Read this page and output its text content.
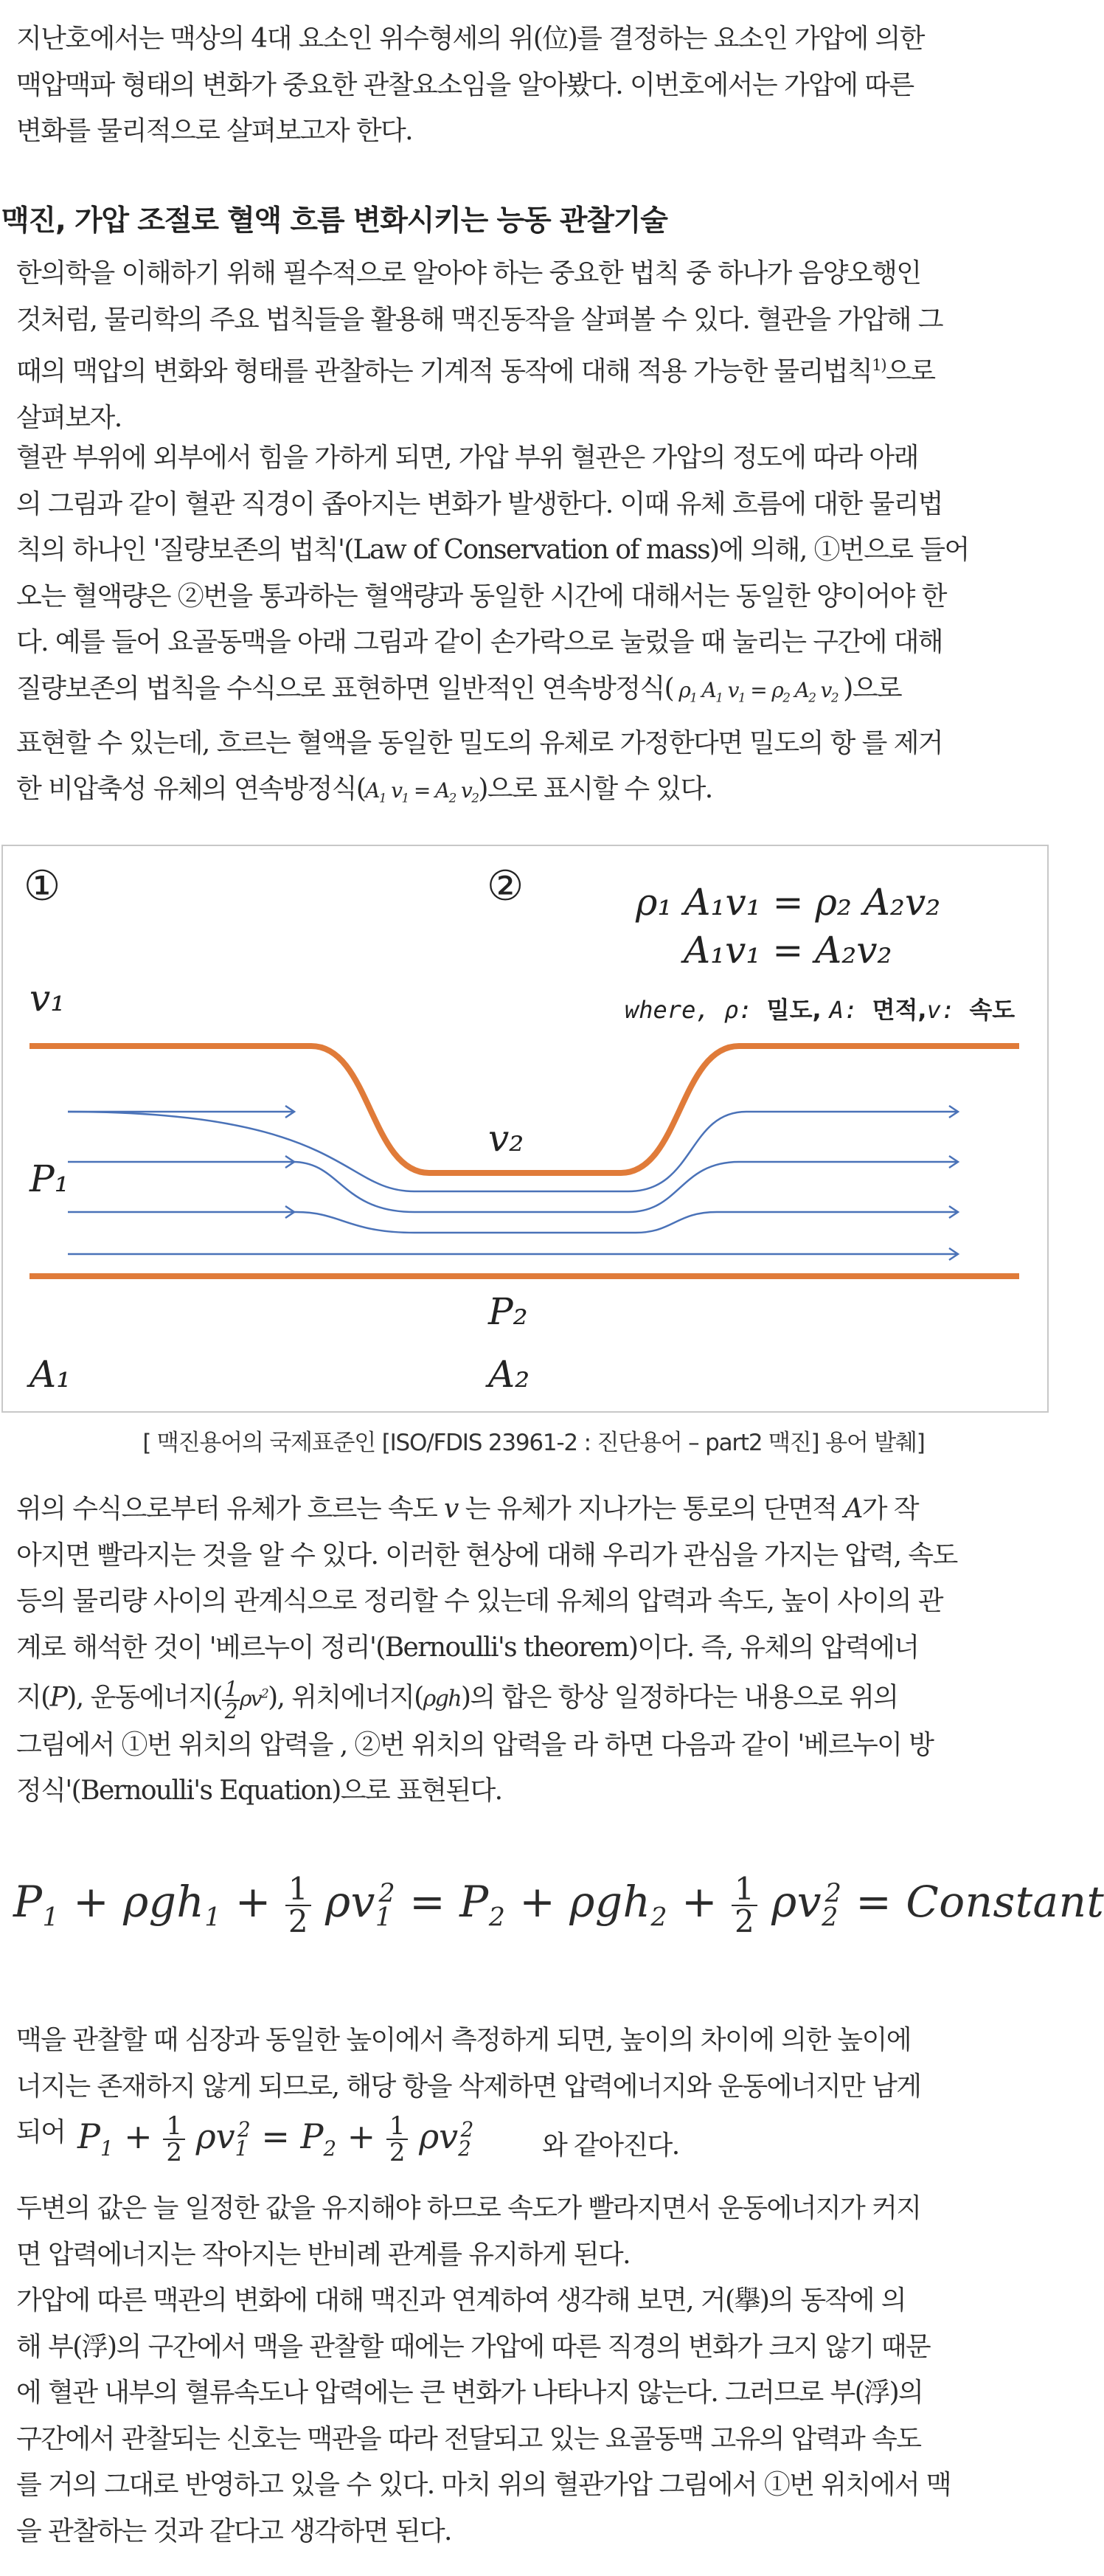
지난호에서는 맥상의 4대 요소인 위수형세의 위(位)를 결정하는 요소인 가압에 의한
맥압맥파 형태의 변화가 중요한 관찰요소임을 알아봤다. 이번호에서는 가압에 따른
변화를 물리적으로 살펴보고자 한다.
맥진, 가압 조절로 혈액 흐름 변화시키는 능동 관찰기술
한의학을 이해하기 위해 필수적으로 알아야 하는 중요한 법칙 중 하나가 음양오행인
것처럼, 물리학의 주요 법칙들을 활용해 맥진동작을 살펴볼 수 있다. 혈관을 가압해 그
때의 맥압의 변화와 형태를 관찰하는 기계적 동작에 대해 적용 가능한 물리법칙$^{1)}$으로
살펴보자.
혈관 부위에 외부에서 힘을 가하게 되면, 가압 부위 혈관은 가압의 정도에 따라 아래
의 그림과 같이 혈관 직경이 좁아지는 변화가 발생한다. 이때 유체 흐름에 대한 물리법
칙의 하나인 '질량보존의 법칙'(Law of Conservation of mass)에 의해, ①번으로 들어
오는 혈액량은 ②번을 통과하는 혈액량과 동일한 시간에 대해서는 동일한 양이어야 한
다. 예를 들어 요골동맥을 아래 그림과 같이 손가락으로 눌렀을 때 눌리는 구간에 대해
질량보존의 법칙을 수식으로 표현하면 일반적인 연속방정식( $\rho_1$ $A_1$ $v_1 = \rho_2$ $A_2$ $v_2$ )으로
표현할 수 있는데, 흐르는 혈액을 동일한 밀도의 유체로 가정한다면 밀도의 항 를 제거
한 비압축성 유체의 연속방정식($A_1$ $v_1 = A_2$ $v_2$)으로 표시할 수 있다.
①	②	ρ₁ A₁v₁ = ρ₂ A₂v₂
A₁v₁ = A₂v₂
where, ρ: 밀도, A: 면적,v: 속도
v₁
v₂
P₁
P₂
A₁	A₂

[ 맥진용어의 국제표준인 [ISO/FDIS 23961-2 : 진단용어 – part2 맥진] 용어 발췌]

위의 수식으로부터 유체가 흐르는 속도 v 는 유체가 지나가는 통로의 단면적 A가 작
아지면 빨라지는 것을 알 수 있다. 이러한 현상에 대해 우리가 관심을 가지는 압력, 속도
등의 물리량 사이의 관계식으로 정리할 수 있는데 유체의 압력과 속도, 높이 사이의 관
계로 해석한 것이 '베르누이 정리'(Bernoulli's theorem)이다. 즉, 유체의 압력에너
지(P), 운동에너지( $\frac{1}{2} \rho v^2$), 위치에너지(ρgh)의 합은 항상 일정하다는 내용으로 위의
그림에서 ①번 위치의 압력을 , ②번 위치의 압력을 라 하면 다음과 같이 '베르누이 방
정식'(Bernoulli's Equation)으로 표현된다.
$P_1 + \rho gh_1 + \frac{1}{2} \rho v_1^2 = P_2 + \rho gh_2 + \frac{1}{2} \rho v_2^2$ = Constant
맥을 관찰할 때 심장과 동일한 높이에서 측정하게 되면, 높이의 차이에 의한 높이에
너지는 존재하지 않게 되므로, 해당 항을 삭제하면 압력에너지와 운동에너지만 남게
되어 $P_1 + \frac{1}{2} \rho v_1^2 = P_2 + \frac{1}{2} \rho v_2^2$
와 같아진다.
두변의 값은 늘 일정한 값을 유지해야 하므로 속도가 빨라지면서 운동에너지가 커지
면 압력에너지는 작아지는 반비례 관계를 유지하게 된다.
가압에 따른 맥관의 변화에 대해 맥진과 연계하여 생각해 보면, 거(擧)의 동작에 의
해 부(浮)의 구간에서 맥을 관찰할 때에는 가압에 따른 직경의 변화가 크지 않기 때문
에 혈관 내부의 혈류속도나 압력에는 큰 변화가 나타나지 않는다. 그러므로 부(浮)의
구간에서 관찰되는 신호는 맥관을 따라 전달되고 있는 요골동맥 고유의 압력과 속도
를 거의 그대로 반영하고 있을 수 있다. 마치 위의 혈관가압 그림에서 ①번 위치에서 맥
을 관찰하는 것과 같다고 생각하면 된다.
